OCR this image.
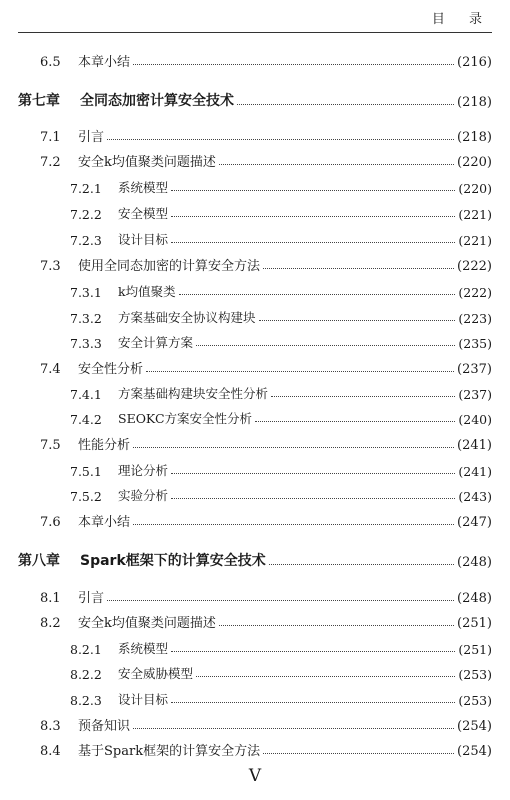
目 录
6.5	本章小结	(216)
第七章	全同态加密计算安全技术	(218)
7.1	引言	(218)
7.2	安全k均值聚类问题描述	(220)
7.2.1	系统模型	(220)
7.2.2	安全模型	(221)
7.2.3	设计目标	(221)
7.3	使用全同态加密的计算安全方法	(222)
7.3.1	k均值聚类	(222)
7.3.2	方案基础安全协议构建块	(223)
7.3.3	安全计算方案	(235)
7.4	安全性分析	(237)
7.4.1	方案基础构建块安全性分析	(237)
7.4.2	SEOKC方案安全性分析	(240)
7.5	性能分析	(241)
7.5.1	理论分析	(241)
7.5.2	实验分析	(243)
7.6	本章小结	(247)
第八章	Spark框架下的计算安全技术	(248)
8.1	引言	(248)
8.2	安全k均值聚类问题描述	(251)
8.2.1	系统模型	(251)
8.2.2	安全威胁模型	(253)
8.2.3	设计目标	(253)
8.3	预备知识	(254)
8.4	基于Spark框架的计算安全方法	(254)
V
